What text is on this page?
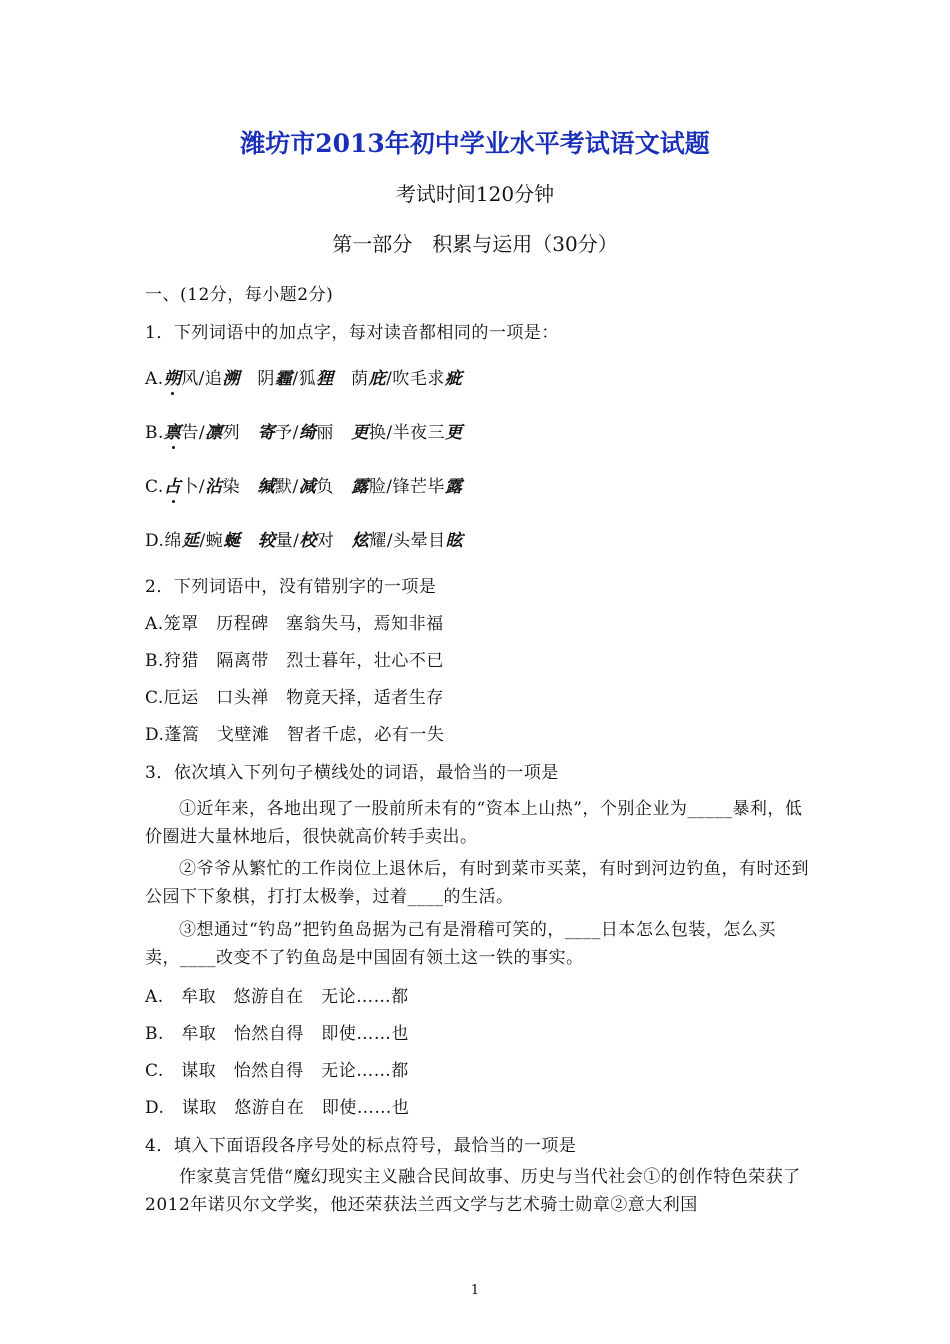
潍坊市2013年初中学业水平考试语文试题
考试时间120分钟
第一部分　积累与运用（30分）
一、(12分，每小题2分)
1．下列词语中的加点字，每对读音都相同的一项是：
A.朔风/追溯　阴霾/狐狸　荫庇/吹毛求疵
B.禀告/凛列　寄予/绮丽　更换/半夜三更
C.占卜/沾染　缄默/减负　露脸/锋芒毕露
D.绵延/蜿蜒　 较量/校对　炫耀/头晕目眩
2．下列词语中，没有错别字的一项是
A.笼罩　历程碑　塞翁失马，焉知非福
B.狩猎　隔离带　烈士暮年，壮心不已
C.厄运　口头禅　物竟天择，适者生存
D.蓬篙　戈壁滩　智者千虑，必有一失
3．依次填入下列句子横线处的词语，最恰当的一项是
①近年来，各地出现了一股前所未有的“资本上山热”，个别企业为_____暴利，低价圈进大量林地后，很快就高价转手卖出。
②爷爷从繁忙的工作岗位上退休后，有时到菜市买菜，有时到河边钓鱼，有时还到公园下下象棋，打打太极拳，过着____的生活。
③想通过“钓岛”把钓鱼岛据为己有是滑稽可笑的，____日本怎么包装，怎么买卖，____改变不了钓鱼岛是中国固有领土这一铁的事实。
A.　牟取　悠游自在　无论……都
B.　牟取　怡然自得　即使……也
C.　谋取　怡然自得　无论……都
D.　谋取　悠游自在　即使……也
4．填入下面语段各序号处的标点符号，最恰当的一项是
作家莫言凭借“魔幻现实主义融合民间故事、历史与当代社会①的创作特色荣获了2012年诺贝尔文学奖，他还荣获法兰西文学与艺术骑士勋章②意大利国
1
